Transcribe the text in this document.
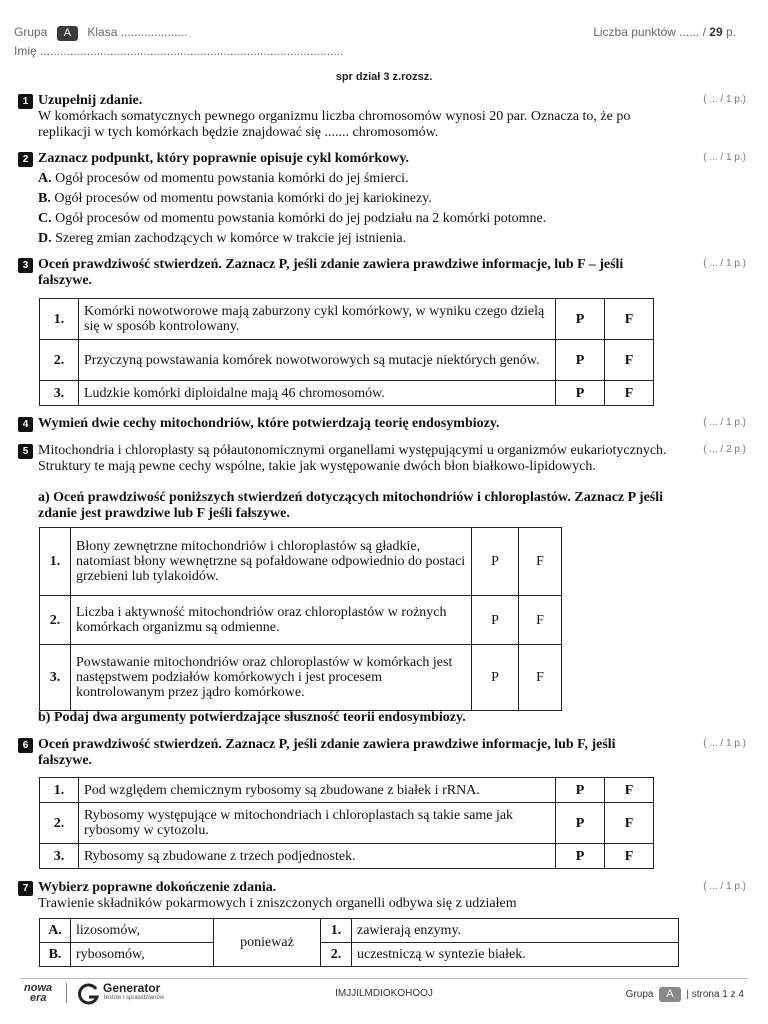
Grupa A Klasa ....................	Liczba punktów ...... / 29 p.
Imię ...........................................................................................
spr dział 3 z.rozsz.
1 Uzupełnij zdanie.	( ... / 1 p.)
W komórkach somatycznych pewnego organizmu liczba chromosomów wynosi 20 par. Oznacza to, że po replikacji w tych komórkach będzie znajdować się ....... chromosomów.
2 Zaznacz podpunkt, który poprawnie opisuje cykl komórkowy.	( ... / 1 p.)
A. Ogół procesów od momentu powstania komórki do jej śmierci.
B. Ogół procesów od momentu powstania komórki do jej kariokinezy.
C. Ogół procesów od momentu powstania komórki do jej podziału na 2 komórki potomne.
D. Szereg zmian zachodzących w komórce w trakcie jej istnienia.
3 Oceń prawdziwość stwierdzeń. Zaznacz P, jeśli zdanie zawiera prawdziwe informacje, lub F – jeśli fałszywe.
( ... / 1 p.)
1.	Komórki nowotworowe mają zaburzony cykl komórkowy, w wyniku czego dzielą się w sposób kontrolowany.	P	F
2.	Przyczyną powstawania komórek nowotworowych są mutacje niektórych genów.	P	F
3.	Ludzkie komórki diploidalne mają 46 chromosomów.	P	F
4 Wymień dwie cechy mitochondriów, które potwierdzają teorię endosymbiozy.	( ... / 1 p.)
5	( ... / 2 p.)
Mitochondria i chloroplasty są półautonomicznymi organellami występującymi u organizmów eukariotycznych. Struktury te mają pewne cechy wspólne, takie jak występowanie dwóch błon białkowo-lipidowych.
a) Oceń prawdziwość poniższych stwierdzeń dotyczących mitochondriów i chloroplastów. Zaznacz P jeśli zdanie jest prawdziwe lub F jeśli fałszywe.
1.	Błony zewnętrzne mitochondriów i chloroplastów są gładkie, natomiast błony wewnętrzne są pofałdowane odpowiednio do postaci grzebieni lub tylakoidów.	P	F
2.	Liczba i aktywność mitochondriów oraz chloroplastów w rożnych komórkach organizmu są odmienne.	P	F
3.	Powstawanie mitochondriów oraz chloroplastów w komórkach jest następstwem podziałów komórkowych i jest procesem kontrolowanym przez jądro komórkowe.	P	F
b) Podaj dwa argumenty potwierdzające słuszność teorii endosymbiozy.
6 Oceń prawdziwość stwierdzeń. Zaznacz P, jeśli zdanie zawiera prawdziwe informacje, lub F, jeśli fałszywe.
( ... / 1 p.)
1.	Pod względem chemicznym rybosomy są zbudowane z białek i rRNA.	P	F
2.	Rybosomy występujące w mitochondriach i chloroplastach są takie same jak rybosomy w cytozolu.	P	F
3.	Rybosomy są zbudowane z trzech podjednostek.	P	F
7 Wybierz poprawne dokończenie zdania.	( ... / 1 p.)
Trawienie składników pokarmowych i zniszczonych organelli odbywa się z udziałem
A.	lizosomów,	ponieważ	1.	zawierają enzymy.
B.	rybosomów,		2.	uczestniczą w syntezie białek.
nowa
era
Generator
testów i sprawdzianów	IMJJILMDIOKOHOOJ	Grupa A | strona 1 z 4
